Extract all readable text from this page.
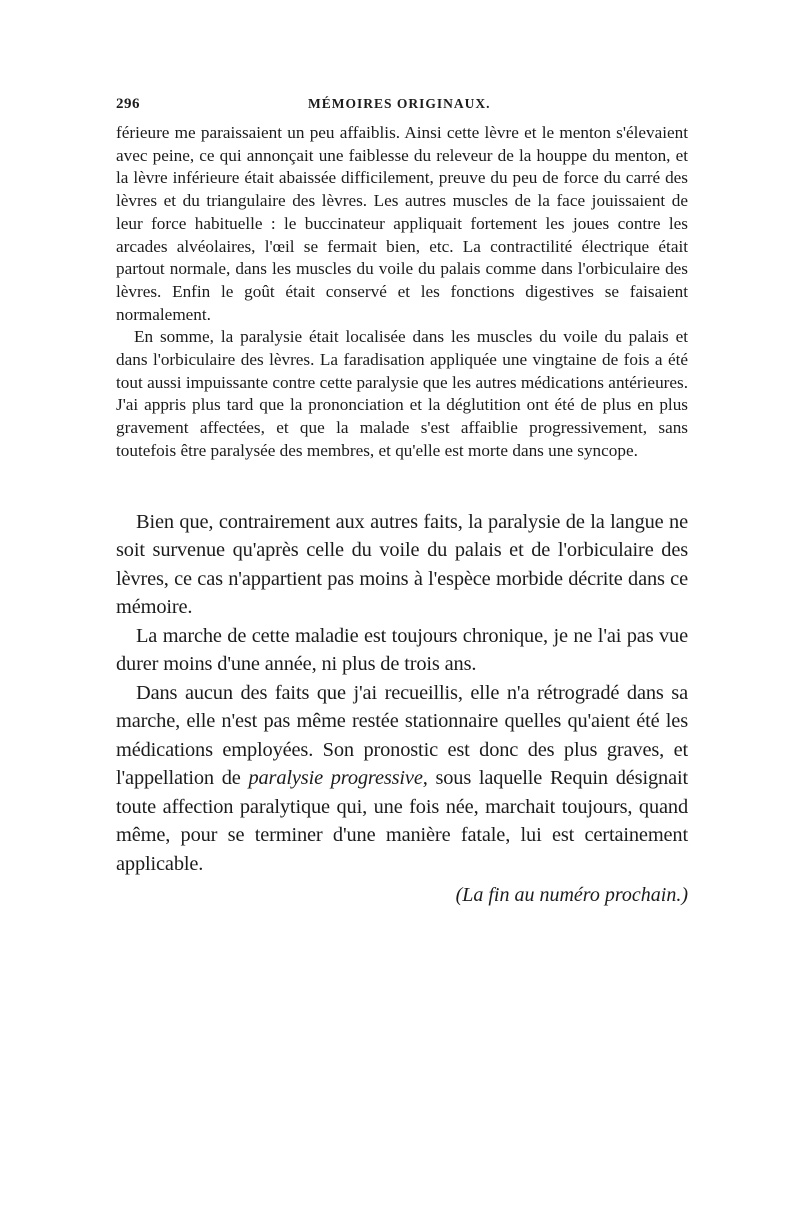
296	MÉMOIRES ORIGINAUX.

férieure me paraissaient un peu affaiblis. Ainsi cette lèvre et le menton s'élevaient avec peine, ce qui annonçait une faiblesse du releveur de la houppe du menton, et la lèvre inférieure était abaissée difficilement, preuve du peu de force du carré des lèvres et du triangulaire des lèvres. Les autres muscles de la face jouissaient de leur force habituelle : le buccinateur appliquait fortement les joues contre les arcades alvéolaires, l'œil se fermait bien, etc. La contractilité électrique était partout normale, dans les muscles du voile du palais comme dans l'orbiculaire des lèvres. Enfin le goût était conservé et les fonctions digestives se faisaient normalement.

En somme, la paralysie était localisée dans les muscles du voile du palais et dans l'orbiculaire des lèvres. La faradisation appliquée une vingtaine de fois a été tout aussi impuissante contre cette paralysie que les autres médications antérieures. J'ai appris plus tard que la prononciation et la déglutition ont été de plus en plus gravement affectées, et que la malade s'est affaiblie progressivement, sans toutefois être paralysée des membres, et qu'elle est morte dans une syncope.

Bien que, contrairement aux autres faits, la paralysie de la langue ne soit survenue qu'après celle du voile du palais et de l'orbiculaire des lèvres, ce cas n'appartient pas moins à l'espèce morbide décrite dans ce mémoire.

La marche de cette maladie est toujours chronique, je ne l'ai pas vue durer moins d'une année, ni plus de trois ans.

Dans aucun des faits que j'ai recueillis, elle n'a rétrogradé dans sa marche, elle n'est pas même restée stationnaire quelles qu'aient été les médications employées. Son pronostic est donc des plus graves, et l'appellation de paralysie progressive, sous laquelle Requin désignait toute affection paralytique qui, une fois née, marchait toujours, quand même, pour se terminer d'une manière fatale, lui est certainement applicable.

(La fin au numéro prochain.)
